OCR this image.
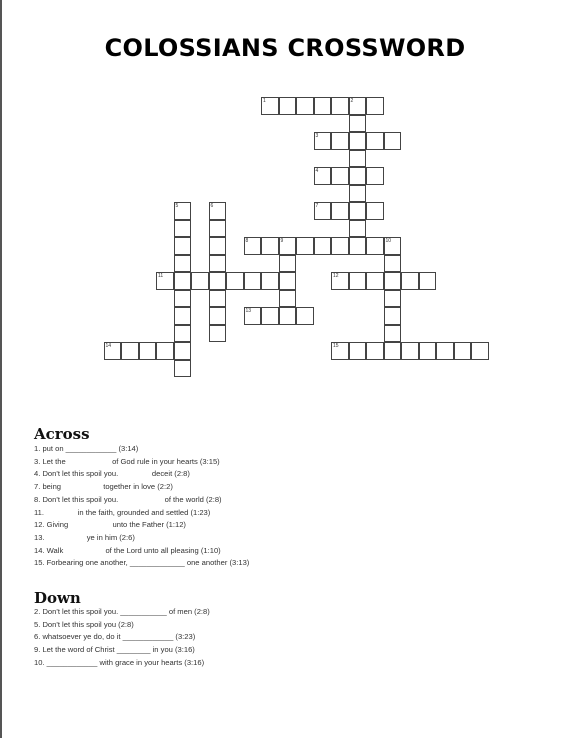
COLOSSIANS CROSSWORD
1	2
3
4
5	6	7
8	9	10
11	12
13
14	15
Across
1. put on ____________ (3:14)
3. Let the                      of God rule in your hearts (3:15)
4. Don't let this spoil you.                deceit (2:8)
7. being                    together in love (2:2)
8. Don't let this spoil you.                      of the world (2:8)
11.                in the faith, grounded and settled (1:23)
12. Giving                     unto the Father (1:12)
13.                    ye in him (2:6)
14. Walk                    of the Lord unto all pleasing (1:10)
15. Forbearing one another, _____________ one another (3:13)
Down
2. Don't let this spoil you. ___________ of men (2:8)
5. Don't let this spoil you (2:8)
6. whatsoever ye do, do it ____________ (3:23)
9. Let the word of Christ ________ in you (3:16)
10. ____________ with grace in your hearts (3:16)
